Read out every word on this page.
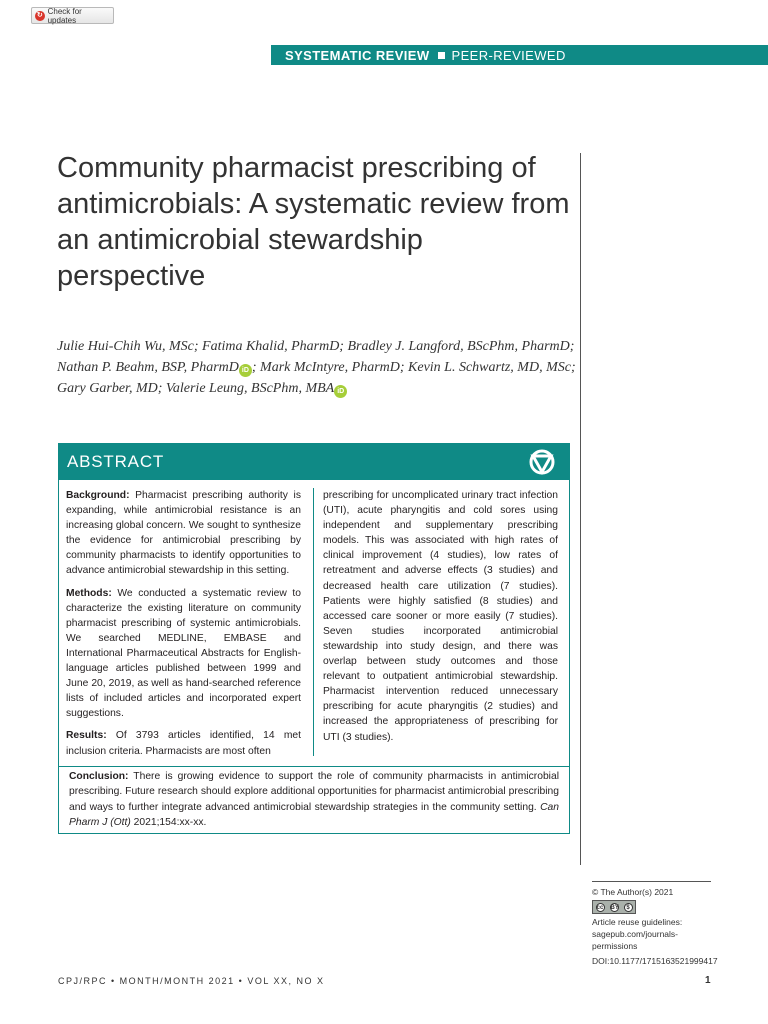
↻ Check for updates
SYSTEMATIC REVIEW PEER-REVIEWED
Community pharmacist prescribing of antimicrobials: A systematic review from an antimicrobial stewardship perspective
Julie Hui-Chih Wu, MSc; Fatima Khalid, PharmD; Bradley J. Langford, BScPhm, PharmD;
Nathan P. Beahm, BSP, PharmD iD ; Mark McIntyre, PharmD; Kevin L. Schwartz, MD, MSc;
Gary Garber, MD; Valerie Leung, BScPhm, MBA iD
ABSTRACT

Background: Pharmacist prescribing authority is expanding, while antimicrobial resistance is an increasing global concern. We sought to synthesize the evidence for antimicrobial prescribing by community pharmacists to identify opportunities to advance antimicrobial stewardship in this setting.

Methods: We conducted a systematic review to characterize the existing literature on community pharmacist prescribing of systemic antimicrobials. We searched MEDLINE, EMBASE and International Pharmaceutical Abstracts for English-language articles published between 1999 and June 20, 2019, as well as hand-searched reference lists of included articles and incorporated expert suggestions.

Results: Of 3793 articles identified, 14 met inclusion criteria. Pharmacists are most often

prescribing for uncomplicated urinary tract infection (UTI), acute pharyngitis and cold sores using independent and supplementary prescribing models. This was associated with high rates of clinical improvement (4 studies), low rates of retreatment and adverse effects (3 studies) and decreased health care utilization (7 studies). Patients were highly satisfied (8 studies) and accessed care sooner or more easily (7 studies). Seven studies incorporated antimicrobial stewardship into study design, and there was overlap between study outcomes and those relevant to outpatient antimicrobial stewardship. Pharmacist intervention reduced unnecessary prescribing for acute pharyngitis (2 studies) and increased the appropriateness of prescribing for UTI (3 studies).

Conclusion: There is growing evidence to support the role of community pharmacists in antimicrobial prescribing. Future research should explore additional opportunities for pharmacist antimicrobial prescribing and ways to further integrate advanced antimicrobial stewardship strategies in the community setting. Can Pharm J (Ott) 2021;154:xx-xx.
© The Author(s) 2021
cc BY	$
Article reuse guidelines:
sagepub.com/journals-permissions
DOI:10.1177/1715163521999417
CPJ/RPC • MONTH/MONTH 2021 • VOL XX, NO X	1
